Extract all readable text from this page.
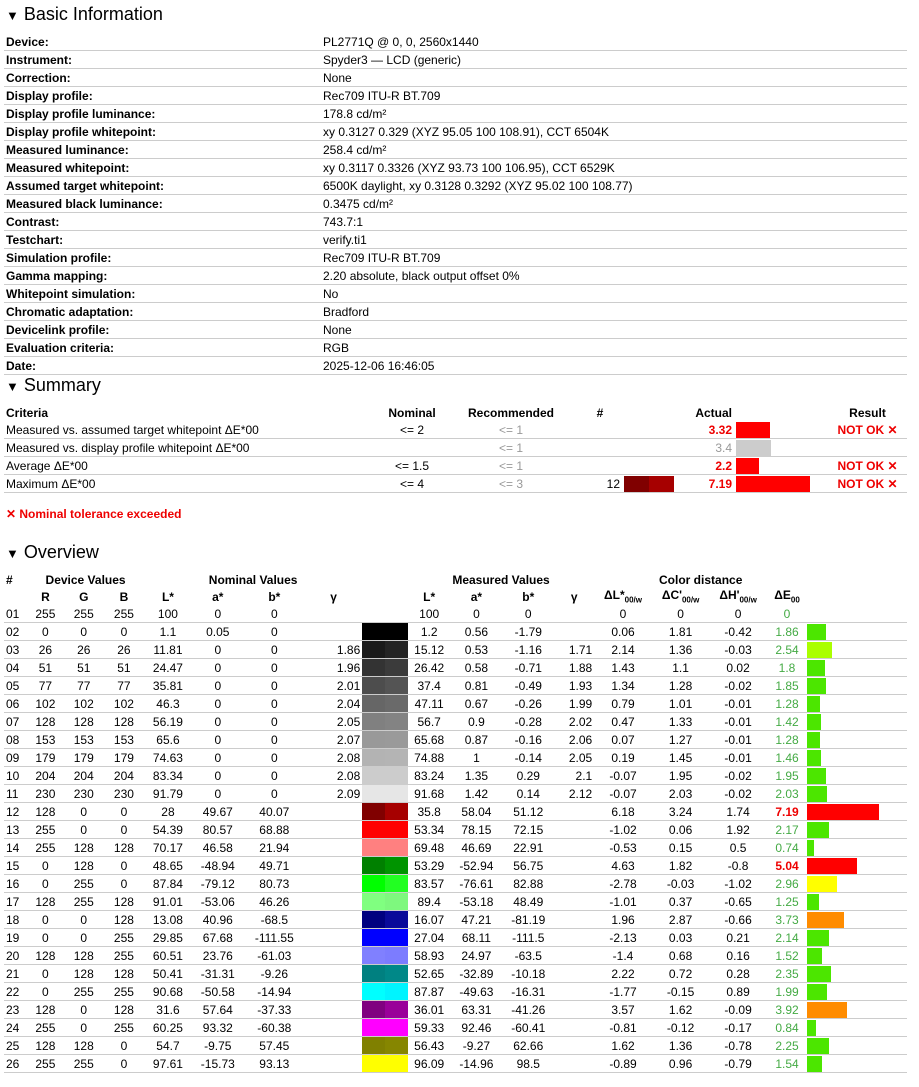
▼ Basic Information
Device:	PL2771Q @ 0, 0, 2560x1440
Instrument:	Spyder3 — LCD (generic)
Correction:	None
Display profile:	Rec709 ITU-R BT.709
Display profile luminance:	178.8 cd/m²
Display profile whitepoint:	xy 0.3127 0.329 (XYZ 95.05 100 108.91), CCT 6504K
Measured luminance:	258.4 cd/m²
Measured whitepoint:	xy 0.3117 0.3326 (XYZ 93.73 100 106.95), CCT 6529K
Assumed target whitepoint:	6500K daylight, xy 0.3128 0.3292 (XYZ 95.02 100 108.77)
Measured black luminance:	0.3475 cd/m²
Contrast:	743.7:1
Testchart:	verify.ti1
Simulation profile:	Rec709 ITU-R BT.709
Gamma mapping:	2.20 absolute, black output offset 0%
Whitepoint simulation:	No
Chromatic adaptation:	Bradford
Devicelink profile:	None
Evaluation criteria:	RGB
Date:	2025-12-06 16:46:05
▼ Summary
Criteria	Nominal	Recommended	#		Actual		Result
Measured vs. assumed target whitepoint ΔE*00	<= 2	<= 1			3.32		NOT OK ✕
Measured vs. display profile whitepoint ΔE*00		<= 1			3.4		
Average ΔE*00	<= 1.5	<= 1			2.2		NOT OK ✕
Maximum ΔE*00	<= 4	<= 3	12		7.19		NOT OK ✕
✕ Nominal tolerance exceeded
▼ Overview
#	Device Values			Nominal Values					Measured Values				Color distance				
	R	G	B	L*	a*	b*	γ		L*	a*	b*	γ	$\Delta L*_{00/w}$	$\Delta C'_{00/w}$	$\Delta H'_{00/w}$	$\Delta E_{00}$	
01	255	255	255	100	0	0			100	0	0		0	0	0	0	
02	0	0	0	1.1	0.05	0			1.2	0.56	-1.79		0.06	1.81	-0.42	1.86	
03	26	26	26	11.81	0	0	1.86		15.12	0.53	-1.16	1.71	2.14	1.36	-0.03	2.54	
04	51	51	51	24.47	0	0	1.96		26.42	0.58	-0.71	1.88	1.43	1.1	0.02	1.8	
05	77	77	77	35.81	0	0	2.01		37.4	0.81	-0.49	1.93	1.34	1.28	-0.02	1.85	
06	102	102	102	46.3	0	0	2.04		47.11	0.67	-0.26	1.99	0.79	1.01	-0.01	1.28	
07	128	128	128	56.19	0	0	2.05		56.7	0.9	-0.28	2.02	0.47	1.33	-0.01	1.42	
08	153	153	153	65.6	0	0	2.07		65.68	0.87	-0.16	2.06	0.07	1.27	-0.01	1.28	
09	179	179	179	74.63	0	0	2.08		74.88	1	-0.14	2.05	0.19	1.45	-0.01	1.46	
10	204	204	204	83.34	0	0	2.08		83.24	1.35	0.29	2.1	-0.07	1.95	-0.02	1.95	
11	230	230	230	91.79	0	0	2.09		91.68	1.42	0.14	2.12	-0.07	2.03	-0.02	2.03	
12	128	0	0	28	49.67	40.07			35.8	58.04	51.12		6.18	3.24	1.74	7.19	
13	255	0	0	54.39	80.57	68.88			53.34	78.15	72.15		-1.02	0.06	1.92	2.17	
14	255	128	128	70.17	46.58	21.94			69.48	46.69	22.91		-0.53	0.15	0.5	0.74	
15	0	128	0	48.65	-48.94	49.71			53.29	-52.94	56.75		4.63	1.82	-0.8	5.04	
16	0	255	0	87.84	-79.12	80.73			83.57	-76.61	82.88		-2.78	-0.03	-1.02	2.96	
17	128	255	128	91.01	-53.06	46.26			89.4	-53.18	48.49		-1.01	0.37	-0.65	1.25	
18	0	0	128	13.08	40.96	-68.5			16.07	47.21	-81.19		1.96	2.87	-0.66	3.73	
19	0	0	255	29.85	67.68	-111.55			27.04	68.11	-111.5		-2.13	0.03	0.21	2.14	
20	128	128	255	60.51	23.76	-61.03			58.93	24.97	-63.5		-1.4	0.68	0.16	1.52	
21	0	128	128	50.41	-31.31	-9.26			52.65	-32.89	-10.18		2.22	0.72	0.28	2.35	
22	0	255	255	90.68	-50.58	-14.94			87.87	-49.63	-16.31		-1.77	-0.15	0.89	1.99	
23	128	0	128	31.6	57.64	-37.33			36.01	63.31	-41.26		3.57	1.62	-0.09	3.92	
24	255	0	255	60.25	93.32	-60.38			59.33	92.46	-60.41		-0.81	-0.12	-0.17	0.84	
25	128	128	0	54.7	-9.75	57.45			56.43	-9.27	62.66		1.62	1.36	-0.78	2.25	
26	255	255	0	97.61	-15.73	93.13			96.09	-14.96	98.5		-0.89	0.96	-0.79	1.54	
